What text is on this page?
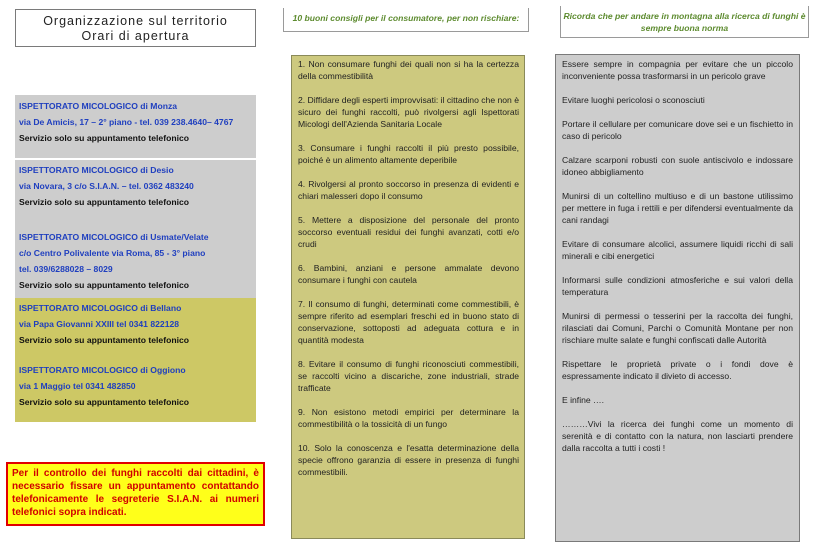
Organizzazione sul territorio
Orari di apertura
ISPETTORATO MICOLOGICO di Monza
via De Amicis, 17 – 2° piano - tel. 039 238.4640– 4767
Servizio solo su appuntamento telefonico
ISPETTORATO MICOLOGICO di Desio
via Novara, 3 c/o S.I.A.N. – tel. 0362 483240
Servizio solo su appuntamento telefonico
ISPETTORATO MICOLOGICO di Usmate/Velate
c/o Centro Polivalente via Roma, 85 - 3° piano
tel. 039/6288028 – 8029
Servizio solo su appuntamento telefonico
ISPETTORATO MICOLOGICO di Bellano
via Papa Giovanni XXIII tel 0341 822128
Servizio solo su appuntamento telefonico
ISPETTORATO MICOLOGICO di Oggiono
via 1 Maggio tel 0341 482850
Servizio solo su appuntamento telefonico
Per il controllo dei funghi raccolti dai cittadini, è necessario fissare un appuntamento contattando telefonicamente le segreterie S.I.A.N. ai numeri telefonici sopra indicati.
10 buoni consigli per il consumatore, per non rischiare:

1. Non consumare funghi dei quali non si ha la certezza della commestibilità

2. Diffidare degli esperti improvvisati: il cittadino che non è sicuro dei funghi raccolti, può rivolgersi agli Ispettorati Micologi dell'Azienda Sanitaria Locale

3. Consumare i funghi raccolti il più presto possibile, poiché è un alimento altamente deperibile

4. Rivolgersi al pronto soccorso in presenza di evidenti e chiari malesseri dopo il consumo

5. Mettere a disposizione del personale del pronto soccorso eventuali residui dei funghi avanzati, cotti e/o crudi

6. Bambini, anziani e persone ammalate devono consumare i funghi con cautela

7. Il consumo di funghi, determinati come commestibili, è sempre riferito ad esemplari freschi ed in buono stato di conservazione, sottoposti ad adeguata cottura e in quantità modesta

8. Evitare il consumo di funghi riconosciuti commestibili, se raccolti vicino a discariche, zone industriali, strade trafficate

9. Non esistono metodi empirici per determinare la commestibilità o la tossicità di un fungo

10. Solo la conoscenza e l'esatta determinazione della specie offrono garanzia di essere in presenza di funghi commestibili.

Ricorda che per andare in montagna alla ricerca di funghi è sempre buona norma

Essere sempre in compagnia per evitare che un piccolo inconveniente possa trasformarsi in un pericolo grave

Evitare luoghi pericolosi o sconosciuti

Portare il cellulare per comunicare dove sei e un fischietto in caso di pericolo

Calzare scarponi robusti con suole antiscivolo e indossare idoneo abbigliamento

Munirsi di un coltellino multiuso e di un bastone utilissimo per mettere in fuga i rettili e per difendersi eventualmente da cani randagi

Evitare di consumare alcolici, assumere liquidi ricchi di sali minerali e cibi energetici

Informarsi sulle condizioni atmosferiche e sui valori della temperatura

Munirsi di permessi o tesserini per la raccolta dei funghi, rilasciati dai Comuni, Parchi o Comunità Montane per non rischiare multe salate e funghi confiscati dalle Autorità

Rispettare le proprietà private o i fondi dove è espressamente indicato il divieto di accesso.

E infine ….

………Vivi la ricerca dei funghi come un momento di serenità e di contatto con la natura, non lasciarti prendere dalla raccolta a tutti i costi !
